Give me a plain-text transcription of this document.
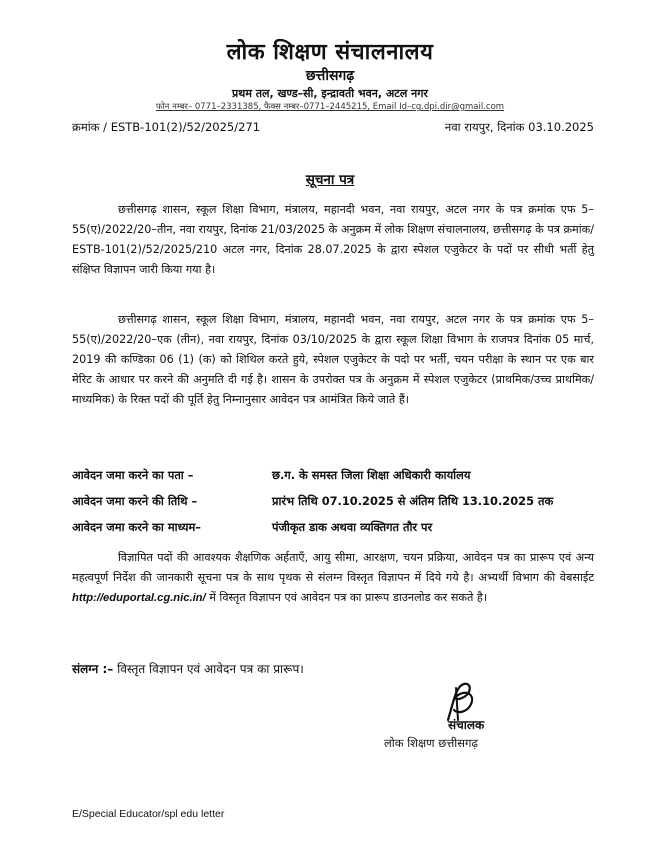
लोक शिक्षण संचालनालय
छत्तीसगढ़
प्रथम तल, खण्ड–सी, इन्द्रावती भवन, अटल नगर
फोन नम्बर– 0771–2331385, फैक्स नम्बर–0771–2445215, Email Id–cg.dpi.dir@gmail.com
क्रमांक / ESTB-101(2)/52/2025/271	नवा रायपुर, दिनांक 03.10.2025
सूचना पत्र
छत्तीसगढ़ शासन, स्कूल शिक्षा विभाग, मंत्रालय, महानदी भवन, नवा रायपुर, अटल नगर के पत्र क्रमांक एफ 5–55(ए)/2022/20–तीन, नवा रायपुर, दिनांक 21/03/2025 के अनुक्रम में लोक शिक्षण संचालनालय, छत्तीसगढ़ के पत्र क्रमांक/ ESTB-101(2)/52/2025/210 अटल नगर, दिनांक 28.07.2025 के द्वारा स्पेशल एजुकेटर के पदों पर सीधी भर्ती हेतु संक्षिप्त विज्ञापन जारी किया गया है।
छत्तीसगढ़ शासन, स्कूल शिक्षा विभाग, मंत्रालय, महानदी भवन, नवा रायपुर, अटल नगर के पत्र क्रमांक एफ 5–55(ए)/2022/20–एक (तीन), नवा रायपुर, दिनांक 03/10/2025 के द्वारा स्कूल शिक्षा विभाग के राजपत्र दिनांक 05 मार्च, 2019 की कण्डिका 06 (1) (क) को शिथिल करते हुये, स्पेशल एजुकेटर के पदो पर भर्ती, चयन परीक्षा के स्थान पर एक बार मेरिट के आधार पर करने की अनुमति दी गई है। शासन के उपरोक्त पत्र के अनुक्रम में स्पेशल एजुकेटर (प्राथमिक/उच्च प्राथमिक/माध्यमिक) के रिक्त पदों की पूर्ति हेतु निम्नानुसार आवेदन पत्र आमंत्रित किये जाते हैं।
आवेदन जमा करने का पता –	छ.ग. के समस्त जिला शिक्षा अधिकारी कार्यालय
आवेदन जमा करने की तिथि –	प्रारंभ तिथि 07.10.2025 से अंतिम तिथि 13.10.2025 तक
आवेदन जमा करने का माध्यम–	पंजीकृत डाक अथवा व्यक्तिगत तौर पर
विज्ञापित पदों की आवश्यक शैक्षणिक अर्हताएँ, आयु सीमा, आरक्षण, चयन प्रक्रिया, आवेदन पत्र का प्रारूप एवं अन्य महत्वपूर्ण निर्देश की जानकारी सूचना पत्र के साथ पृथक से संलग्न विस्तृत विज्ञापन में दिये गये है। अभ्यर्थी विभाग की वेबसाईट http://eduportal.cg.nic.in/ में विस्तृत विज्ञापन एवं आवेदन पत्र का प्रारूप डाउनलोड कर सकते है।
संलग्न :– विस्तृत विज्ञापन एवं आवेदन पत्र का प्रारूप।
संचालक
लोक शिक्षण छत्तीसगढ़
E/Special Educator/spl edu letter
